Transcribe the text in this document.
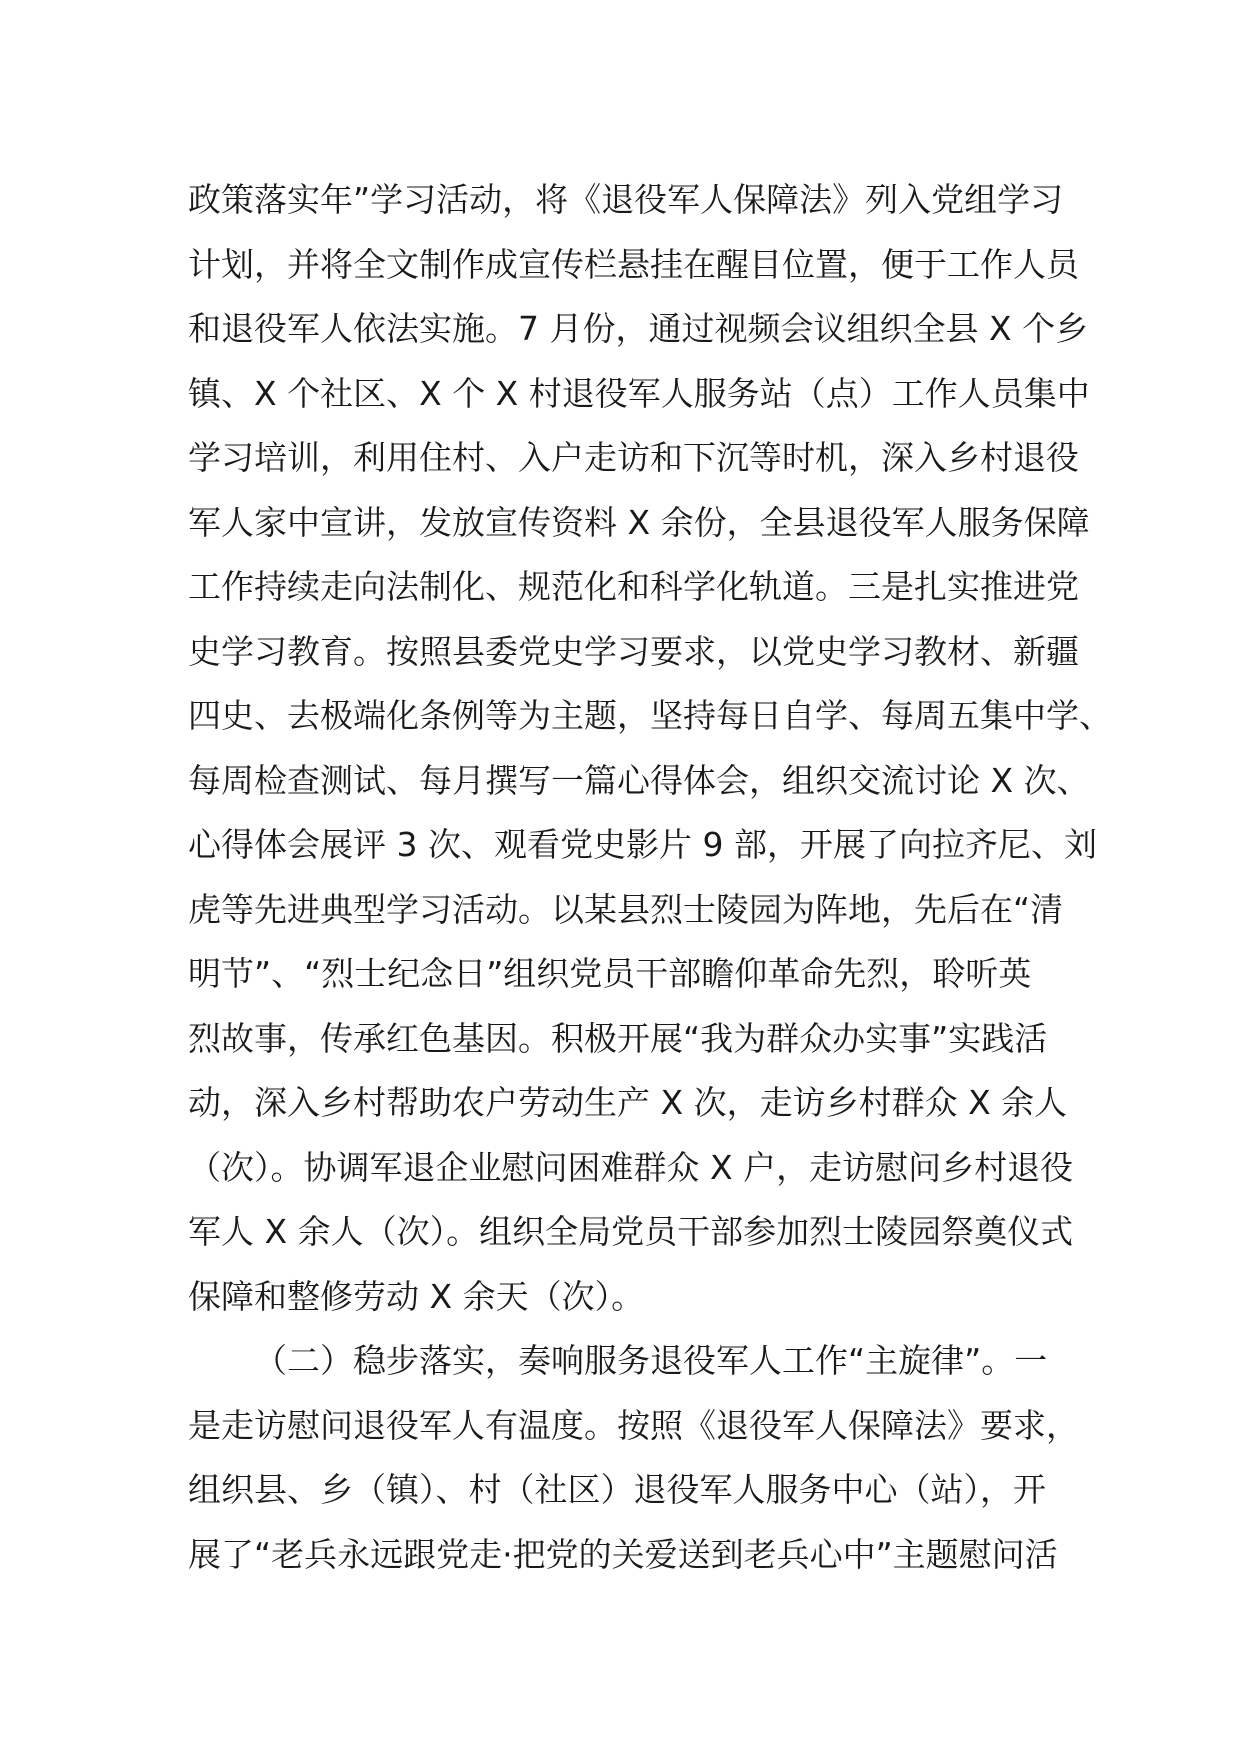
政策落实年”学习活动，将《退役军人保障法》列入党组学习
计划，并将全文制作成宣传栏悬挂在醒目位置，便于工作人员
和退役军人依法实施。7 月份，通过视频会议组织全县 X 个乡
镇、X 个社区、X 个 X 村退役军人服务站（点）工作人员集中
学习培训，利用住村、入户走访和下沉等时机，深入乡村退役
军人家中宣讲，发放宣传资料 X 余份，全县退役军人服务保障
工作持续走向法制化、规范化和科学化轨道。三是扎实推进党
史学习教育。按照县委党史学习要求，以党史学习教材、新疆
四史、去极端化条例等为主题，坚持每日自学、每周五集中学、
每周检查测试、每月撰写一篇心得体会，组织交流讨论 X 次、
心得体会展评 3 次、观看党史影片 9 部，开展了向拉齐尼、刘
虎等先进典型学习活动。以某县烈士陵园为阵地，先后在“清
明节”、“烈士纪念日”组织党员干部瞻仰革命先烈，聆听英
烈故事，传承红色基因。积极开展“我为群众办实事”实践活
动，深入乡村帮助农户劳动生产 X 次，走访乡村群众 X 余人
（次）。协调军退企业慰问困难群众 X 户，走访慰问乡村退役
军人 X 余人（次）。组织全局党员干部参加烈士陵园祭奠仪式
保障和整修劳动 X 余天（次）。
（二）稳步落实，奏响服务退役军人工作“主旋律”。一
是走访慰问退役军人有温度。按照《退役军人保障法》要求，
组织县、乡（镇）、村（社区）退役军人服务中心（站），开
展了“老兵永远跟党走·把党的关爱送到老兵心中”主题慰问活
